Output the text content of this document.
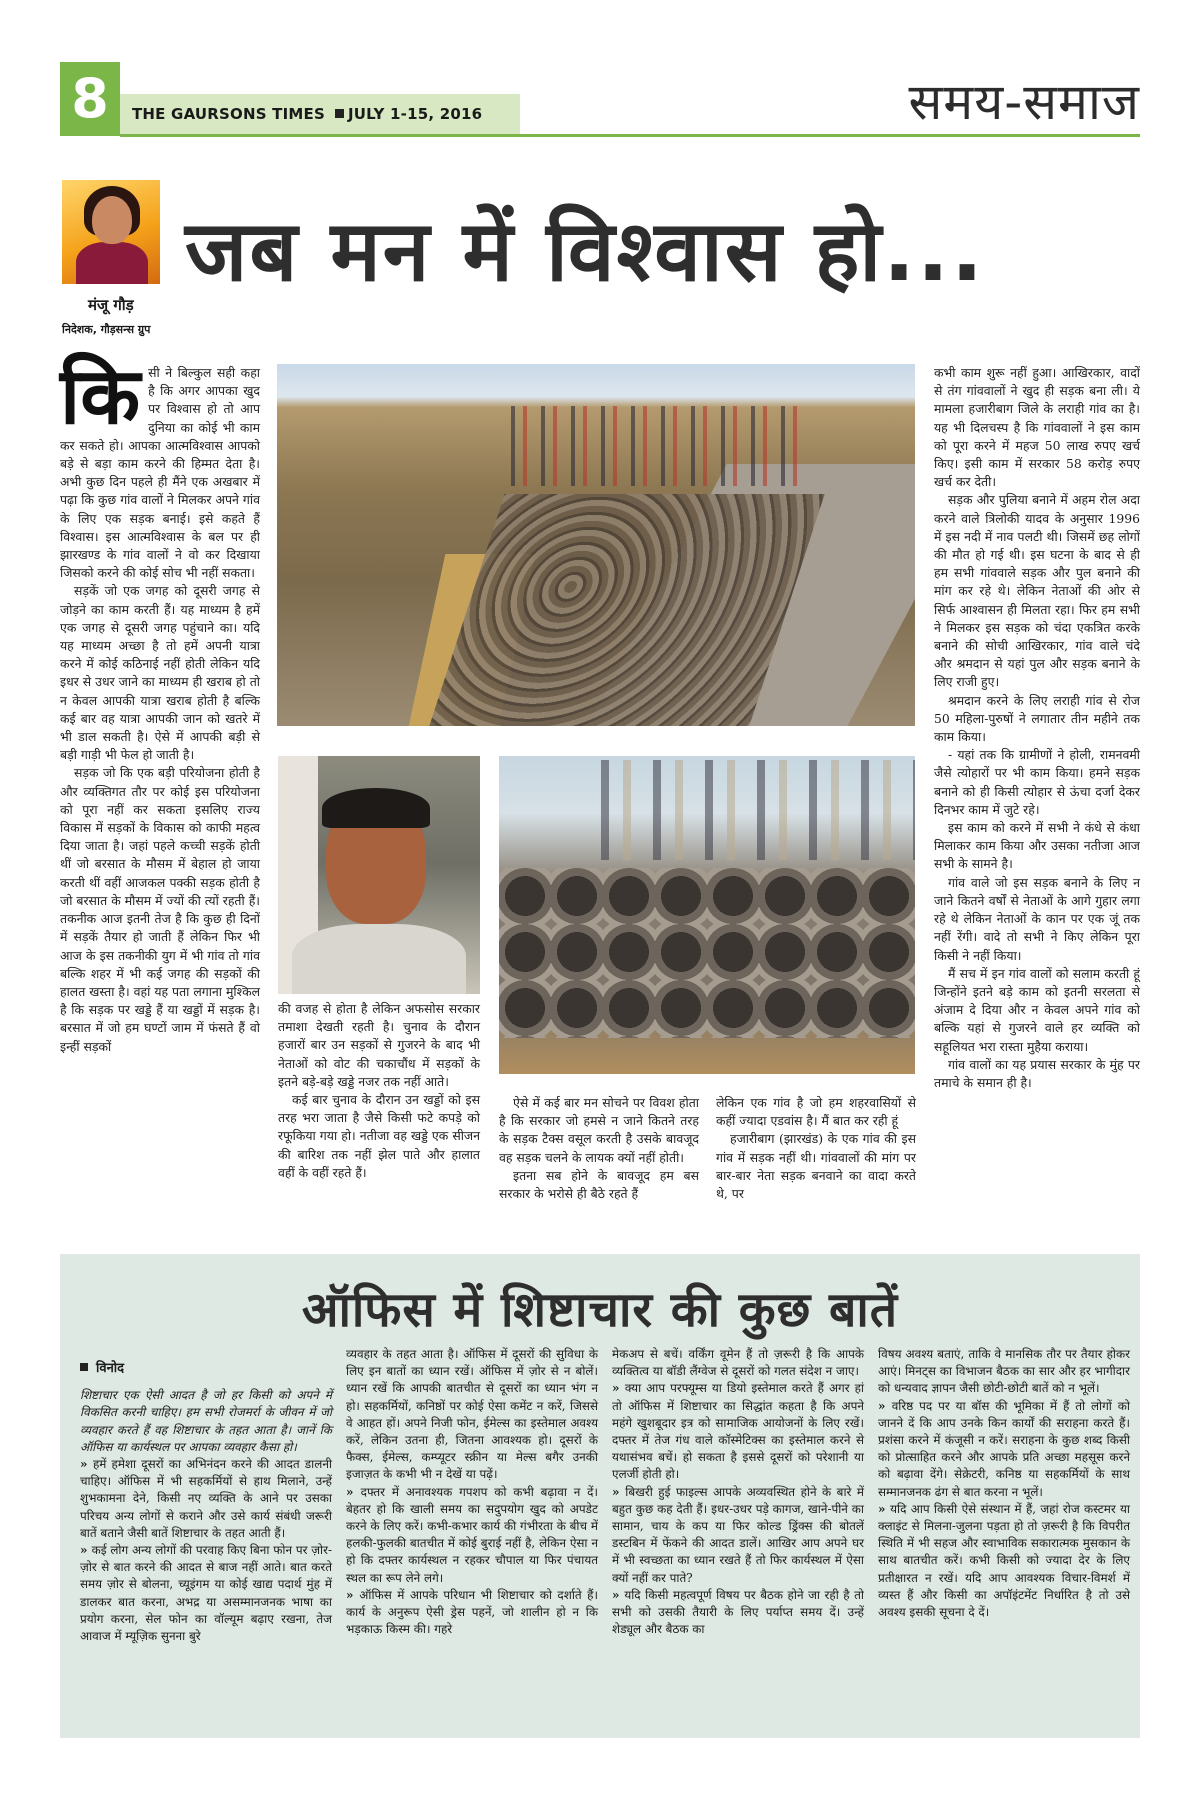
8	THE GAURSONS TIMES JULY 1-15, 2016	समय-समाज
मंजू गौड़
निदेशक, गौड़सन्स ग्रुप
जब मन में विश्वास हो...
कि सी ने बिल्कुल सही कहा है कि अगर आपका खुद पर विश्वास हो तो आप दुनिया का कोई भी काम कर सकते हो। आपका आत्मविश्वास आपको बड़े से बड़ा काम करने की हिम्मत देता है। अभी कुछ दिन पहले ही मैंने एक अखबार में पढ़ा कि कुछ गांव वालों ने मिलकर अपने गांव के लिए एक सड़क बनाई। इसे कहते हैं विश्वास। इस आत्मविश्वास के बल पर ही झारखण्ड के गांव वालों ने वो कर दिखाया जिसको करने की कोई सोच भी नहीं सकता।

सड़कें जो एक जगह को दूसरी जगह से जोड़ने का काम करती हैं। यह माध्यम है हमें एक जगह से दूसरी जगह पहुंचाने का। यदि यह माध्यम अच्छा है तो हमें अपनी यात्रा करने में कोई कठिनाई नहीं होती लेकिन यदि इधर से उधर जाने का माध्यम ही खराब हो तो न केवल आपकी यात्रा खराब होती है बल्कि कई बार वह यात्रा आपकी जान को खतरे में भी डाल सकती है। ऐसे में आपकी बड़ी से बड़ी गाड़ी भी फेल हो जाती है।

सड़क जो कि एक बड़ी परियोजना होती है और व्यक्तिगत तौर पर कोई इस परियोजना को पूरा नहीं कर सकता इसलिए राज्य विकास में सड़कों के विकास को काफी महत्व दिया जाता है। जहां पहले कच्ची सड़कें होती थीं जो बरसात के मौसम में बेहाल हो जाया करती थीं वहीं आजकल पक्की सड़क होती है जो बरसात के मौसम में ज्यों की त्यों रहती हैं। तकनीक आज इतनी तेज है कि कुछ ही दिनों में सड़कें तैयार हो जाती हैं लेकिन फिर भी आज के इस तकनीकी युग में भी गांव तो गांव बल्कि शहर में भी कई जगह की सड़कों की हालत खस्ता है। वहां यह पता लगाना मुश्किल है कि सड़क पर खड्डे हैं या खड्डों में सड़क है। बरसात में जो हम घण्टों जाम में फंसते हैं वो इन्हीं सड़कों

की वजह से होता है लेकिन अफसोस सरकार तमाशा देखती रहती है। चुनाव के दौरान हजारों बार उन सड़कों से गुजरने के बाद भी नेताओं को वोट की चकाचौंध में सड़कों के इतने बड़े-बड़े खड्डे नजर तक नहीं आते।

कई बार चुनाव के दौरान उन खड्डों को इस तरह भरा जाता है जैसे किसी फटे कपड़े को रफूकिया गया हो। नतीजा वह खड्डे एक सीजन की बारिश तक नहीं झेल पाते और हालात वहीं के वहीं रहते हैं।

ऐसे में कई बार मन सोचने पर विवश होता है कि सरकार जो हमसे न जाने कितने तरह के सड़क टैक्स वसूल करती है उसके बावजूद वह सड़क चलने के लायक क्यों नहीं होती।

इतना सब होने के बावजूद हम बस सरकार के भरोसे ही बैठे रहते हैं

लेकिन एक गांव है जो हम शहरवासियों से कहीं ज्यादा एडवांस है। मैं बात कर रही हूं

हजारीबाग (झारखंड) के एक गांव की इस गांव में सड़क नहीं थी। गांववालों की मांग पर बार-बार नेता सड़क बनवाने का वादा करते थे, पर

कभी काम शुरू नहीं हुआ। आखिरकार, वादों से तंग गांववालों ने खुद ही सड़क बना ली। ये मामला हजारीबाग जिले के लराही गांव का है। यह भी दिलचस्प है कि गांववालों ने इस काम को पूरा करने में महज 50 लाख रुपए खर्च किए। इसी काम में सरकार 58 करोड़ रुपए खर्च कर देती।

सड़क और पुलिया बनाने में अहम रोल अदा करने वाले त्रिलोकी यादव के अनुसार 1996 में इस नदी में नाव पलटी थी। जिसमें छह लोगों की मौत हो गई थी। इस घटना के बाद से ही हम सभी गांववाले सड़क और पुल बनाने की मांग कर रहे थे। लेकिन नेताओं की ओर से सिर्फ आश्वासन ही मिलता रहा। फिर हम सभी ने मिलकर इस सड़क को चंदा एकत्रित करके बनाने की सोची आखिरकार, गांव वाले चंदे और श्रमदान से यहां पुल और सड़क बनाने के लिए राजी हुए।

श्रमदान करने के लिए लराही गांव से रोज 50 महिला-पुरुषों ने लगातार तीन महीने तक काम किया।

- यहां तक कि ग्रामीणों ने होली, रामनवमी जैसे त्योहारों पर भी काम किया। हमने सड़क बनाने को ही किसी त्योहार से ऊंचा दर्जा देकर दिनभर काम में जुटे रहे।

इस काम को करने में सभी ने कंधे से कंधा मिलाकर काम किया और उसका नतीजा आज सभी के सामने है।

गांव वाले जो इस सड़क बनाने के लिए न जाने कितने वर्षों से नेताओं के आगे गुहार लगा रहे थे लेकिन नेताओं के कान पर एक जूं तक नहीं रेंगी। वादे तो सभी ने किए लेकिन पूरा किसी ने नहीं किया।

मैं सच में इन गांव वालों को सलाम करती हूं जिन्होंने इतने बड़े काम को इतनी सरलता से अंजाम दे दिया और न केवल अपने गांव को बल्कि यहां से गुजरने वाले हर व्यक्ति को सहूलियत भरा रास्ता मुहैया कराया।

गांव वालों का यह प्रयास सरकार के मुंह पर तमाचे के समान ही है।

ऑफिस में शिष्टाचार की कुछ बातें
विनोद

शिष्टाचार एक ऐसी आदत है जो हर किसी को अपने में विकसित करनी चाहिए। हम सभी रोजमर्रा के जीवन में जो व्यवहार करते हैं वह शिष्टाचार के तहत आता है। जानें कि ऑफिस या कार्यस्थल पर आपका व्यवहार कैसा हो।

» हमें हमेशा दूसरों का अभिनंदन करने की आदत डालनी चाहिए। ऑफिस में भी सहकर्मियों से हाथ मिलाने, उन्हें शुभकामना देने, किसी नए व्यक्ति के आने पर उसका परिचय अन्य लोगों से कराने और उसे कार्य संबंधी जरूरी बातें बताने जैसी बातें शिष्टाचार के तहत आती हैं।

» कई लोग अन्य लोगों की परवाह किए बिना फोन पर ज़ोर-ज़ोर से बात करने की आदत से बाज नहीं आते। बात करते समय ज़ोर से बोलना, च्यूइंगम या कोई खाद्य पदार्थ मुंह में डालकर बात करना, अभद्र या असम्मानजनक भाषा का प्रयोग करना, सेल फोन का वॉल्यूम बढ़ाए रखना, तेज आवाज में म्यूज़िक सुनना बुरे

व्यवहार के तहत आता है। ऑफिस में दूसरों की सुविधा के लिए इन बातों का ध्यान रखें। ऑफिस में ज़ोर से न बोलें। ध्यान रखें कि आपकी बातचीत से दूसरों का ध्यान भंग न हो। सहकर्मियों, कनिष्ठों पर कोई ऐसा कमेंट न करें, जिससे वे आहत हों। अपने निजी फोन, ईमेल्स का इस्तेमाल अवश्य करें, लेकिन उतना ही, जितना आवश्यक हो। दूसरों के फैक्स, ईमेल्स, कम्प्यूटर स्क्रीन या मेल्स बगैर उनकी इजाज़त के कभी भी न देखें या पढ़ें।

» दफ्तर में अनावश्यक गपशप को कभी बढ़ावा न दें। बेहतर हो कि खाली समय का सदुपयोग खुद को अपडेट करने के लिए करें। कभी-कभार कार्य की गंभीरता के बीच में हलकी-फुलकी बातचीत में कोई बुराई नहीं है, लेकिन ऐसा न हो कि दफ्तर कार्यस्थल न रहकर चौपाल या फिर पंचायत स्थल का रूप लेने लगे।

» ऑफिस में आपके परिधान भी शिष्टाचार को दर्शाते हैं। कार्य के अनुरूप ऐसी ड्रेस पहनें, जो शालीन हो न कि भड़काऊ किस्म की। गहरे

मेकअप से बचें। वर्किंग वूमेन हैं तो ज़रूरी है कि आपके व्यक्तित्व या बॉडी लैंग्वेज से दूसरों को गलत संदेश न जाए।

» क्या आप परफ्यूम्स या डियो इस्तेमाल करते हैं अगर हां तो ऑफिस में शिष्टाचार का सिद्धांत कहता है कि अपने महंगे खुशबूदार इत्र को सामाजिक आयोजनों के लिए रखें। दफ्तर में तेज गंध वाले कॉस्मेटिक्स का इस्तेमाल करने से यथासंभव बचें। हो सकता है इससे दूसरों को परेशानी या एलर्जी होती हो।

» बिखरी हुई फाइल्स आपके अव्यवस्थित होने के बारे में बहुत कुछ कह देती हैं। इधर-उधर पड़े कागज, खाने-पीने का सामान, चाय के कप या फिर कोल्ड ड्रिंक्स की बोतलें डस्टबिन में फेंकने की आदत डालें। आखिर आप अपने घर में भी स्वच्छता का ध्यान रखते हैं तो फिर कार्यस्थल में ऐसा क्यों नहीं कर पाते?

» यदि किसी महत्वपूर्ण विषय पर बैठक होने जा रही है तो सभी को उसकी तैयारी के लिए पर्याप्त समय दें। उन्हें शेड्यूल और बैठक का

विषय अवश्य बताएं, ताकि वे मानसिक तौर पर तैयार होकर आएं। मिनट्स का विभाजन बैठक का सार और हर भागीदार को धन्यवाद ज्ञापन जैसी छोटी-छोटी बातें को न भूलें।

» वरिष्ठ पद पर या बॉस की भूमिका में हैं तो लोगों को जानने दें कि आप उनके किन कार्यों की सराहना करते हैं। प्रशंसा करने में कंजूसी न करें। सराहना के कुछ शब्द किसी को प्रोत्साहित करने और आपके प्रति अच्छा महसूस करने को बढ़ावा देंगे। सेक्रेटरी, कनिष्ठ या सहकर्मियों के साथ सम्मानजनक ढंग से बात करना न भूलें।

» यदि आप किसी ऐसे संस्थान में हैं, जहां रोज कस्टमर या क्लाइंट से मिलना-जुलना पड़ता हो तो ज़रूरी है कि विपरीत स्थिति में भी सहज और स्वाभाविक सकारात्मक मुसकान के साथ बातचीत करें। कभी किसी को ज्यादा देर के लिए प्रतीक्षारत न रखें। यदि आप आवश्यक विचार-विमर्श में व्यस्त हैं और किसी का अपॉइंटमेंट निर्धारित है तो उसे अवश्य इसकी सूचना दे दें।
